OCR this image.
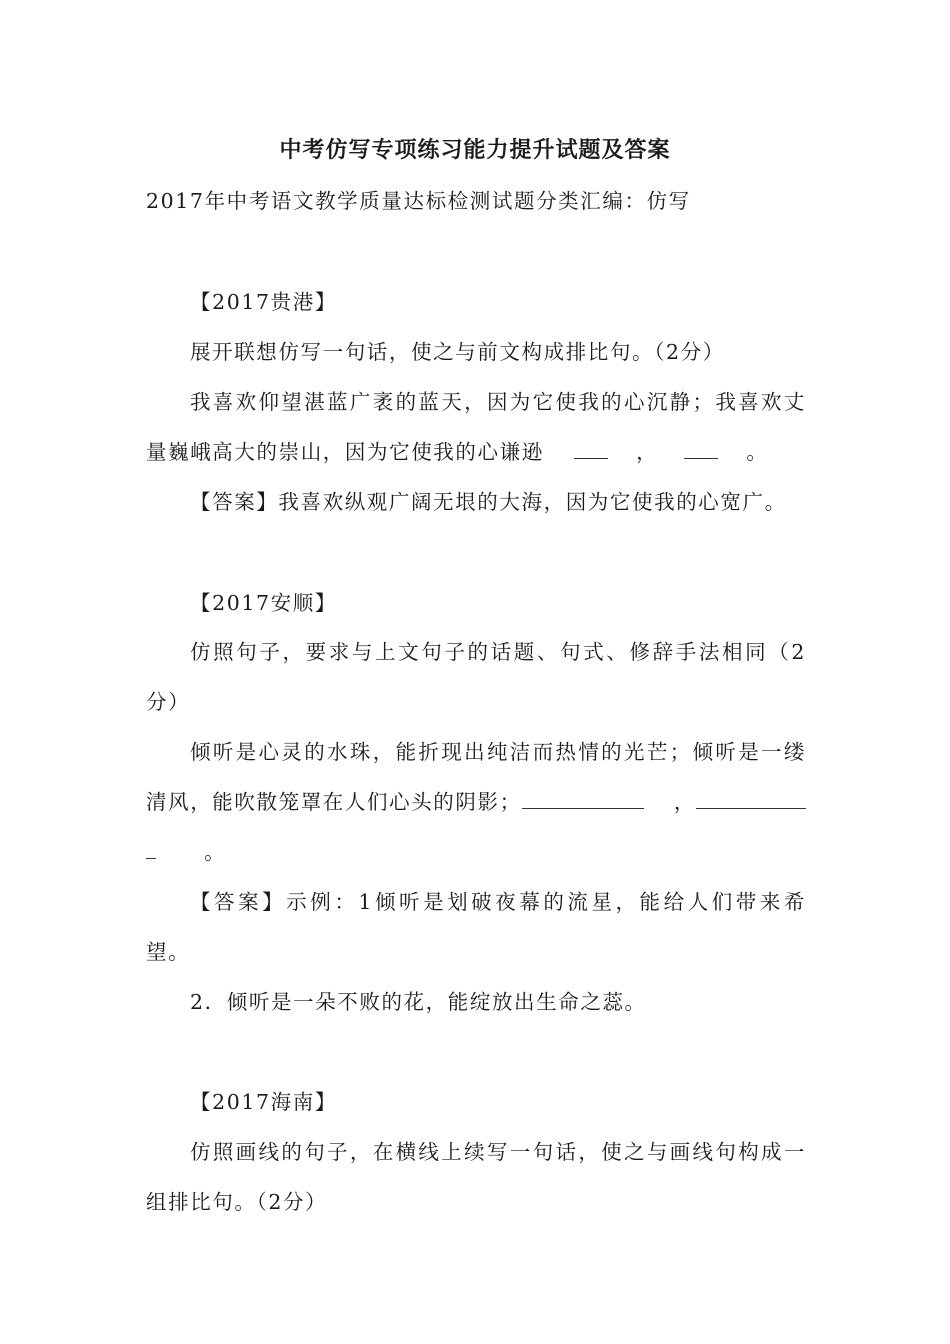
中考仿写专项练习能力提升试题及答案
2017年中考语文教学质量达标检测试题分类汇编：仿写
【2017贵港】
展开联想仿写一句话，使之与前文构成排比句。（2分）
我喜欢仰望湛蓝广袤的蓝天，因为它使我的心沉静；我喜欢丈
量巍峨高大的崇山，因为它使我的心谦逊	，	。
【答案】我喜欢纵观广阔无垠的大海，因为它使我的心宽广。
【2017安顺】
仿照句子，要求与上文句子的话题、句式、修辞手法相同（2
分）
倾听是心灵的水珠，能折现出纯洁而热情的光芒；倾听是一缕
清风，能吹散笼罩在人们心头的阴影；	，
。
【答案】示例：1倾听是划破夜幕的流星，能给人们带来希
望。
2．倾听是一朵不败的花，能绽放出生命之蕊。
【2017海南】
仿照画线的句子，在横线上续写一句话，使之与画线句构成一
组排比句。（2分）
